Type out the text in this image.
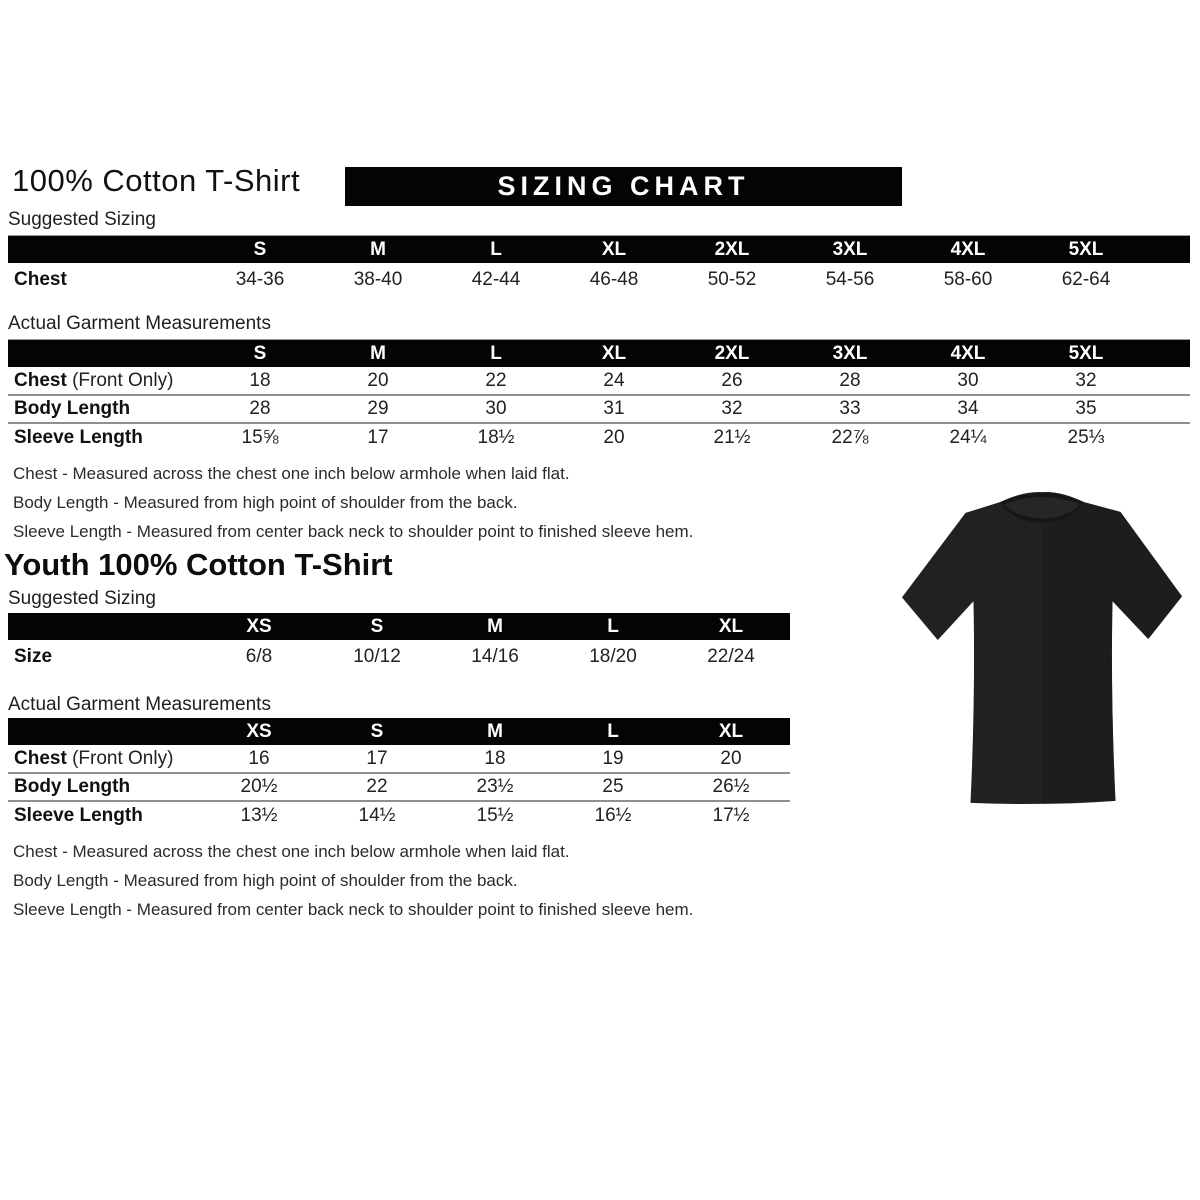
100% Cotton T-Shirt	SIZING CHART
Suggested Sizing
	S	M	L	XL	2XL	3XL	4XL	5XL	
Chest	34-36	38-40	42-44	46-48	50-52	54-56	58-60	62-64	
Actual Garment Measurements
	S	M	L	XL	2XL	3XL	4XL	5XL	
Chest (Front Only)	18	20	22	24	26	28	30	32	
Body Length	28	29	30	31	32	33	34	35	
Sleeve Length	15⅝	17	18½	20	21½	22⅞	24¼	25⅓	
Chest - Measured across the chest one inch below armhole when laid flat.
Body Length - Measured from high point of shoulder from the back.
Sleeve Length - Measured from center back neck to shoulder point to finished sleeve hem.
Youth 100% Cotton T-Shirt
Suggested Sizing
	XS	S	M	L	XL
Size	6/8	10/12	14/16	18/20	22/24
Actual Garment Measurements
	XS	S	M	L	XL
Chest (Front Only)	16	17	18	19	20
Body Length	20½	22	23½	25	26½
Sleeve Length	13½	14½	15½	16½	17½
Chest - Measured across the chest one inch below armhole when laid flat.
Body Length - Measured from high point of shoulder from the back.
Sleeve Length - Measured from center back neck to shoulder point to finished sleeve hem.
